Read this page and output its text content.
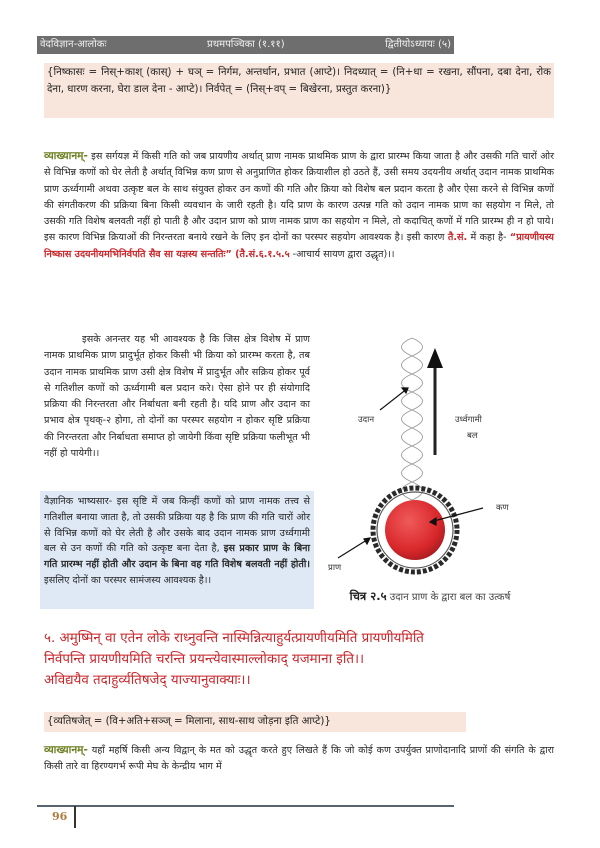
वेदविज्ञान-आलोकः	प्रथमपञ्चिका (१.११)	द्वितीयोऽध्यायः (५)
{निष्कासः = निस्+काश् (कास्) + घञ् = निर्गम, अन्तर्धान, प्रभात (आप्टे)। निदध्यात् = (नि+धा = रखना, सौंपना, दबा देना, रोक देना, धारण करना, घेरा डाल देना - आप्टे)। निर्वपेत् = (निस्+वप् = बिखेरना, प्रस्तुत करना)}
व्याख्यानम्- इस सर्गयज्ञ में किसी गति को जब प्रायणीय अर्थात् प्राण नामक प्राथमिक प्राण के द्वारा प्रारम्भ किया जाता है और उसकी गति चारों ओर से विभिन्न कणों को घेर लेती है अर्थात् विभिन्न कण प्राण से अनुप्राणित होकर क्रियाशील हो उठते हैं, उसी समय उदयनीय अर्थात् उदान नामक प्राथमिक प्राण ऊर्ध्वगामी अथवा उत्कृष्ट बल के साथ संयुक्त होकर उन कणों की गति और क्रिया को विशेष बल प्रदान करता है और ऐसा करने से विभिन्न कणों की संगतीकरण की प्रक्रिया बिना किसी व्यवधान के जारी रहती है। यदि प्राण के कारण उत्पन्न गति को उदान नामक प्राण का सहयोग न मिले, तो उसकी गति विशेष बलवती नहीं हो पाती है और उदान प्राण को प्राण नामक प्राण का सहयोग न मिले, तो कदाचित् कणों में गति प्रारम्भ ही न हो पाये। इस कारण विभिन्न क्रियाओं की निरन्तरता बनाये रखने के लिए इन दोनों का परस्पर सहयोग आवश्यक है। इसी कारण तै.सं. में कहा है- “प्रायणीयस्य निष्कास उदयनीयमभिनिर्वपति सैव सा यज्ञस्य सन्ततिः” (तै.सं.६.१.५.५ -आचार्य सायण द्वारा उद्धृत)।।
इसके अनन्तर यह भी आवश्यक है कि जिस क्षेत्र विशेष में प्राण नामक प्राथमिक प्राण प्रादुर्भूत होकर किसी भी क्रिया को प्रारम्भ करता है, तब उदान नामक प्राथमिक प्राण उसी क्षेत्र विशेष में प्रादुर्भूत और सक्रिय होकर पूर्व से गतिशील कणों को ऊर्ध्वगामी बल प्रदान करे। ऐसा होने पर ही संयोगादि प्रक्रिया की निरन्तरता और निर्बाधता बनी रहती है। यदि प्राण और उदान का प्रभाव क्षेत्र पृथक्-२ होगा, तो दोनों का परस्पर सहयोग न होकर सृष्टि प्रक्रिया की निरन्तरता और निर्बाधता समाप्त हो जायेगी किंवा सृष्टि प्रक्रिया फलीभूत भी नहीं हो पायेगी।।
वैज्ञानिक भाष्यसार- इस सृष्टि में जब किन्हीं कणों को प्राण नामक तत्त्व से गतिशील बनाया जाता है, तो उसकी प्रक्रिया यह है कि प्राण की गति चारों ओर से विभिन्न कणों को घेर लेती है और उसके बाद उदान नामक प्राण उर्ध्वगामी बल से उन कणों की गति को उत्कृष्ट बना देता है, इस प्रकार प्राण के बिना गति प्रारम्भ नहीं होती और उदान के बिना वह गति विशेष बलवती नहीं होती। इसलिए दोनों का परस्पर सामंजस्य आवश्यक है।।
उदान	उर्ध्वगामी
बल
कण
प्राण
चित्र २.५ उदान प्राण के द्वारा बल का उत्कर्ष
५. अमुष्मिन् वा एतेन लोके राध्नुवन्ति नास्मिन्नित्याहुर्यत्प्रायणीयमिति प्रायणीयमिति
निर्वपन्ति प्रायणीयमिति चरन्ति प्रयन्त्येवास्माल्लोकाद् यजमाना इति।।
अविद्ययैव तदाहुर्व्यतिषजेद् याज्यानुवाक्याः।।
{व्यतिषजेत् = (वि+अति+सञ्ज् = मिलाना, साथ-साथ जोड़ना इति आप्टे)}
व्याख्यानम्- यहाँ महर्षि किसी अन्य विद्वान् के मत को उद्धृत करते हुए लिखते हैं कि जो कोई कण उपर्युक्त प्राणोदानादि प्राणों की संगति के द्वारा किसी तारे वा हिरण्यगर्भ रूपी मेघ के केन्द्रीय भाग में
96
